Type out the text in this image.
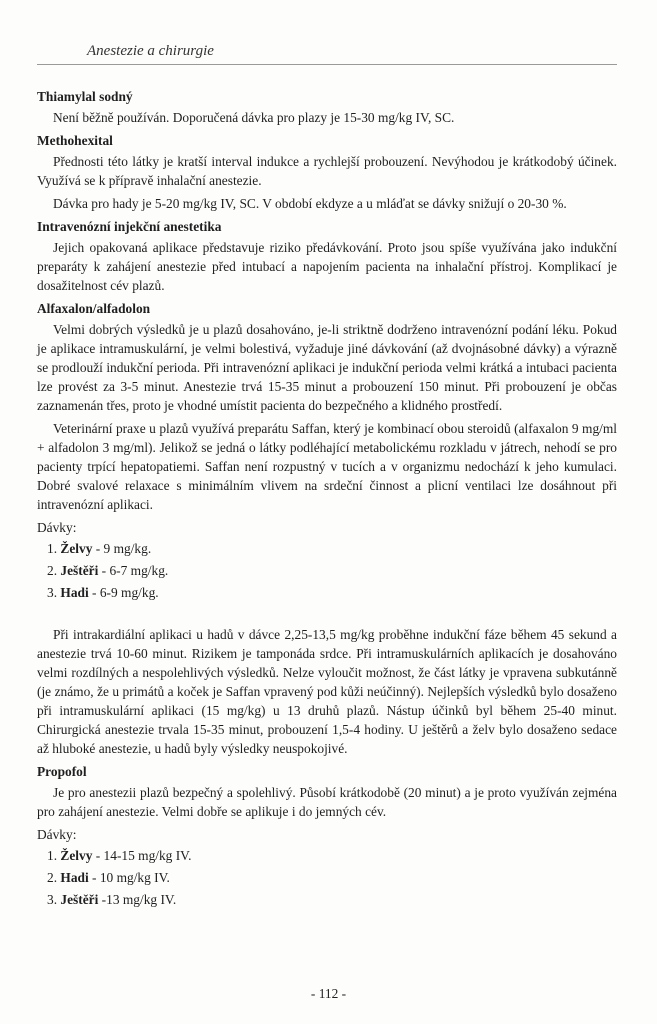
Anestezie a chirurgie
Thiamylal sodný

Není běžně používán. Doporučená dávka pro plazy je 15-30 mg/kg IV, SC.

Methohexital

Přednosti této látky je kratší interval indukce a rychlejší probouzení. Nevýhodou je krátkodobý účinek. Využívá se k přípravě inhalační anestezie.

Dávka pro hady je 5-20 mg/kg IV, SC. V období ekdyze a u mláďat se dávky snižují o 20-30 %.

Intravenózní injekční anestetika

Jejich opakovaná aplikace představuje riziko předávkování. Proto jsou spíše využívána jako indukční preparáty k zahájení anestezie před intubací a napojením pacienta na inhalační přístroj. Komplikací je dosažitelnost cév plazů.

Alfaxalon/alfadolon

Velmi dobrých výsledků je u plazů dosahováno, je-li striktně dodrženo intravenózní podání léku. Pokud je aplikace intramuskulární, je velmi bolestivá, vyžaduje jiné dávkování (až dvojnásobné dávky) a výrazně se prodlouží indukční perioda. Při intravenózní aplikaci je indukční perioda velmi krátká a intubaci pacienta lze provést za 3-5 minut. Anestezie trvá 15-35 minut a probouzení 150 minut. Při probouzení je občas zaznamenán třes, proto je vhodné umístit pacienta do bezpečného a klidného prostředí.

Veterinární praxe u plazů využívá preparátu Saffan, který je kombinací obou steroidů (alfaxalon 9 mg/ml + alfadolon 3 mg/ml). Jelikož se jedná o látky podléhající metabolickému rozkladu v játrech, nehodí se pro pacienty trpící hepatopatiemi. Saffan není rozpustný v tucích a v organizmu nedochází k jeho kumulaci. Dobré svalové relaxace s minimálním vlivem na srdeční činnost a plicní ventilaci lze dosáhnout při intravenózní aplikaci.

Dávky:
1. Želvy - 9 mg/kg.
2. Ještěři - 6-7 mg/kg.
3. Hadi - 6-9 mg/kg.

Při intrakardiální aplikaci u hadů v dávce 2,25-13,5 mg/kg proběhne indukční fáze během 45 sekund a anestezie trvá 10-60 minut. Rizikem je tamponáda srdce. Při intramuskulárních aplikacích je dosahováno velmi rozdílných a nespolehlivých výsledků. Nelze vyloučit možnost, že část látky je vpravena subkutánně (je známo, že u primátů a koček je Saffan vpravený pod kůži neúčinný). Nejlepších výsledků bylo dosaženo při intramuskulární aplikaci (15 mg/kg) u 13 druhů plazů. Nástup účinků byl během 25-40 minut. Chirurgická anestezie trvala 15-35 minut, probouzení 1,5-4 hodiny. U ještěrů a želv bylo dosaženo sedace až hluboké anestezie, u hadů byly výsledky neuspokojivé.

Propofol

Je pro anestezii plazů bezpečný a spolehlivý. Působí krátkodobě (20 minut) a je proto využíván zejména pro zahájení anestezie. Velmi dobře se aplikuje i do jemných cév.

Dávky:
1. Želvy - 14-15 mg/kg IV.
2. Hadi - 10 mg/kg IV.
3. Ještěři -13 mg/kg IV.
- 112 -
